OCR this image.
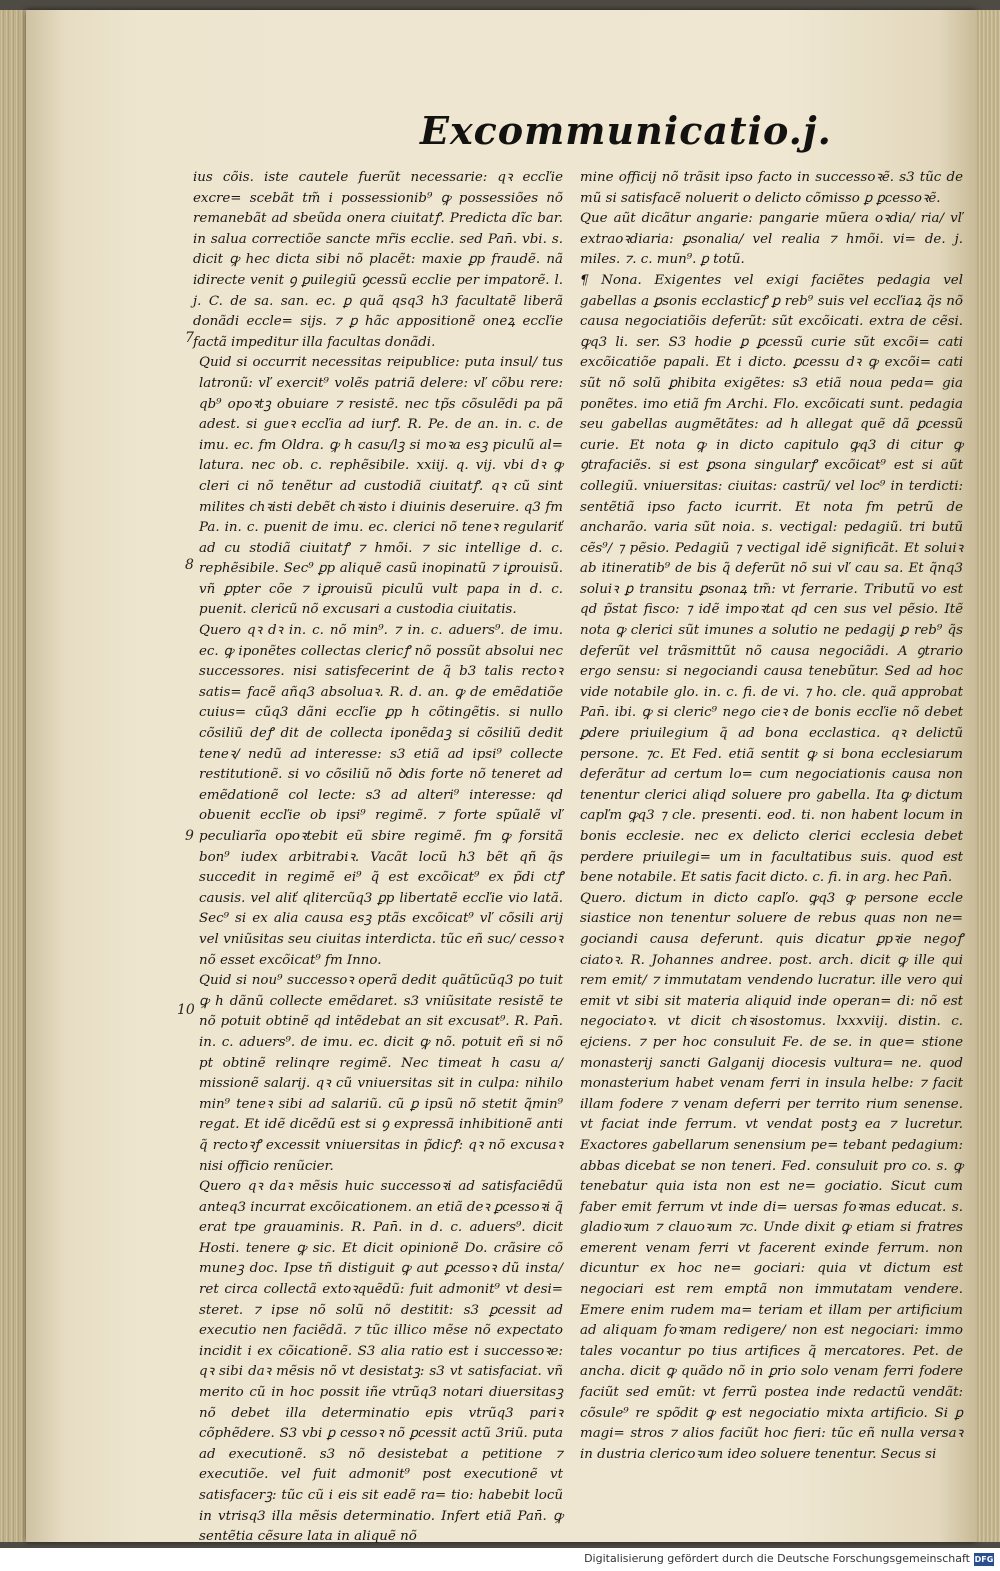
Excommunicatio.j.
7
8
9
10

ius cõis. iste cautele fuerũt necessarie: qꝛ eccľie excre= scebãt tm̃ i possessionib⁹ ꝙ possessiões nõ remanebãt ad sbeũda onera ciuitatꝭ. Predicta dĩc bar. in salua correctiõe sancte mr̃is ecclie. sed Pan̄. vbi. s. dicit ꝙ hec dicta sibi nõ placẽt: maxie ꝑp fraudẽ. nã idirecte venit ꝯ ꝑuilegiũ ꝯcessũ ecclie per impatorẽ. l. j. C. de sa. san. ec. ꝑ quã qsq3 h3 facultatẽ liberã donãdi eccle= sijs. ⁊ ꝑ hãc appositionẽ oneꝝ eccľie factã impeditur illa facultas donãdi.

Quid si occurrit necessitas reipublice: puta insul/ tus latronũ: vľ exercit⁹ volẽs patriã delere: vľ cõbu rere: qb⁹ opoꝛtꝫ obuiare ⁊ resistẽ. nec tp̃s cõsulẽdi pa pã adest. si gueꝛ eccľia ad iurꝭ. R. Pe. de an. in. c. de imu. ec. fm Oldra. ꝙ h casu/lꝫ si moꝛa esꝫ piculũ al= latura. nec ob. c. rephẽsibile. xxiij. q. vij. vbi dꝛ ꝙ cleri ci nõ tenẽtur ad custodiã ciuitatꝭ. qꝛ cũ sint milites chꝛisti debẽt chꝛisto i diuinis deseruire. q3 fm Pa. in. c. puenit de imu. ec. clerici nõ teneꝛ regulariť ad cu stodiã ciuitatꝭ ⁊ hmõi. ⁊ sic intellige d. c. rephẽsibile. Sec⁹ ꝑp aliquẽ casũ inopinatũ ⁊ iꝑrouisũ. vñ ꝑpter cõe ⁊ iꝑrouisũ piculũ vult papa in d. c. puenit. clericũ nõ excusari a custodia ciuitatis.

Quero qꝛ dꝛ in. c. nõ min⁹. ⁊ in. c. aduers⁹. de imu. ec. ꝙ iponẽtes collectas clericꝭ nõ possũt absolui nec successores. nisi satisfecerint de q̃ b3 talis rectoꝛ satis= facẽ añq3 absoluaꝛ. R. d. an. ꝙ de emẽdatiõe cuius= cũq3 dãni eccľie ꝑp h cõtingẽtis. si nullo cõsiliũ deꝭ dit de collecta iponẽdaꝫ si cõsiliũ dedit teneꝛ/ nedũ ad interesse: s3 etiã ad ipsi⁹ collecte restitutionẽ. si vo cõsiliũ nõ ꝺdis forte nõ teneret ad emẽdationẽ col lecte: s3 ad alteri⁹ interesse: qd obuenit eccľie ob ipsi⁹ regimẽ. ⁊ forte spũalẽ vľ peculiarĩa opoꝛtebit eũ sbire regimẽ. fm ꝙ forsitã bon⁹ iudex arbitrabiꝛ. Vacãt locũ h3 bẽt qñ q̃s succedit in regimẽ ei⁹ q̃ est excõicat⁹ ex p̃di ctꝭ causis. vel aliť qlitercũq3 ꝑp libertatẽ eccľie vio latã. Sec⁹ si ex alia causa esꝫ ptãs excõicat⁹ vľ cõsili arij vel vniũsitas seu ciuitas interdicta. tũc eñ suc/ cessoꝛ nõ esset excõicat⁹ fm Inno.

Quid si nou⁹ successoꝛ operã dedit quãtũcũq3 po tuit ꝙ h dãnũ collecte emẽdaret. s3 vniũsitate resistẽ te nõ potuit obtinẽ qd intẽdebat an sit excusat⁹. R. Pan̄. in. c. aduers⁹. de imu. ec. dicit ꝙ nõ. potuit eñ si nõ pt obtinẽ relinqre regimẽ. Nec timeat h casu a/ missionẽ salarij. qꝛ cũ vniuersitas sit in culpa: nihilo min⁹ teneꝛ sibi ad salariũ. cũ ꝑ ipsũ nõ stetit q̃min⁹ regat. Et idẽ dicẽdũ est si ꝯ expressã inhibitionẽ anti q̃ rectoꝛꝭ excessit vniuersitas in p̃dicꝭ: qꝛ nõ excusaꝛ nisi officio renũcier.

Quero qꝛ daꝛ mẽsis huic successoꝛi ad satisfaciẽdũ anteq3 incurrat excõicationem. an etiã deꝛ ꝑcessoꝛi q̃ erat tpe grauaminis. R. Pan̄. in d. c. aduers⁹. dicit Hosti. tenere ꝙ sic. Et dicit opinionẽ Do. crãsire cõ muneꝫ doc. Ipse tñ distiguit ꝙ aut ꝑcessoꝛ dũ insta/ ret circa collectã extoꝛquẽdũ: fuit admonit⁹ vt desi= steret. ⁊ ipse nõ solũ nõ destitit: s3 ꝑcessit ad executio nen faciẽdã. ⁊ tũc illico mẽse nõ expectato incidit i ex cõicationẽ. S3 alia ratio est i successoꝛe: qꝛ sibi daꝛ mẽsis nõ vt desistatꝫ: s3 vt satisfaciat. vñ merito cũ in hoc possit iñe vtrũq3 notari diuersitasꝫ nõ debet illa determinatio epis vtrũq3 pariꝛ cõphẽdere. S3 vbi ꝑ cessoꝛ nõ ꝑcessit actũ 3riũ. puta ad executionẽ. s3 nõ desistebat a petitione ⁊ executiõe. vel fuit admonit⁹ post executionẽ vt satisfacerꝫ: tũc cũ i eis sit eadẽ ra= tio: habebit locũ in vtrisq3 illa mẽsis determinatio. Infert etiã Pan̄. ꝙ sentẽtia cẽsure lata in aliquẽ nõ

mine officij nõ trãsit ipso facto in successoꝛẽ. s3 tũc de mũ si satisfacẽ noluerit o delicto cõmisso ꝑ ꝑcessoꝛẽ.

Que aũt dicãtur angarie: pangarie mũera oꝛdia/ ria/ vľ extraoꝛdiaria: ꝑsonalia/ vel realia ⁊ hmõi. vi= de. j. miles. ⁊. c. mun⁹. ꝑ totũ.

¶ Nona. Exigentes vel exigi faciẽtes pedagia vel gabellas a ꝑsonis ecclasticꝭ ꝑ reb⁹ suis vel eccľiaꝝ q̃s nõ causa negociatiõis deferũt: sũt excõicati. extra de cẽsi. ꝙq3 li. ser. S3 hodie ꝑ ꝑcessũ curie sũt excõi= cati excõicatiõe papali. Et i dicto. ꝑcessu dꝛ ꝙ excõi= cati sũt nõ solũ ꝑhibita exigẽtes: s3 etiã noua peda= gia ponẽtes. imo etiã fm Archi. Flo. excõicati sunt. pedagia seu gabellas augmẽtãtes: ad h allegat quẽ dã ꝑcessũ curie. Et nota ꝙ in dicto capitulo ꝙq3 di citur ꝙ ꝯtrafaciẽs. si est ꝑsona singularꝭ excõicat⁹ est si aũt collegiũ. vniuersitas: ciuitas: castrũ/ vel loc⁹ in terdicti: sentẽtiã ipso facto icurrit. Et nota fm petrũ de ancharão. varia sũt noia. s. vectigal: pedagiũ. tri butũ cẽs⁹/ ⁊ pẽsio. Pedagiũ ⁊ vectigal idẽ significãt. Et soluiꝛ ab itineratib⁹ de bis q̃ deferũt nõ sui vľ cau sa. Et q̃nq3 soluiꝛ ꝑ transitu ꝑsonaꝝ tm̃: vt ferrarie. Tributũ vo est qd p̃stat fisco: ⁊ idẽ impoꝛtat qd cen sus vel pẽsio. Itẽ nota ꝙ clerici sũt imunes a solutio ne pedagij ꝑ reb⁹ q̃s deferũt vel trãsmittũt nõ causa negociãdi. A ꝯtrario ergo sensu: si negociandi causa tenebũtur. Sed ad hoc vide notabile glo. in. c. fi. de vi. ⁊ ho. cle. quã approbat Pan̄. ibi. ꝙ si cleric⁹ nego cieꝛ de bonis eccľie nõ debet ꝑdere priuilegium q̃ ad bona ecclastica. qꝛ delictũ persone. ⁊c. Et Fed. etiã sentit ꝙ si bona ecclesiarum deferãtur ad certum lo= cum negociationis causa non tenentur clerici aliqd soluere pro gabella. Ita ꝙ dictum capľm ꝙq3 ⁊ cle. presenti. eod. ti. non habent locum in bonis ecclesie. nec ex delicto clerici ecclesia debet perdere priuilegi= um in facultatibus suis. quod est bene notabile. Et satis facit dicto. c. fi. in arg. hec Pan̄.

Quero. dictum in dicto capľo. ꝙq3 ꝙ persone eccle siastice non tenentur soluere de rebus quas non ne= gociandi causa deferunt. quis dicatur ꝑpꝛie negoꝭ ciatoꝛ. R. Johannes andree. post. arch. dicit ꝙ ille qui rem emit/ ⁊ immutatam vendendo lucratur. ille vero qui emit vt sibi sit materia aliquid inde operan= di: nõ est negociatoꝛ. vt dicit chꝛisostomus. lxxxviij. distin. c. ejciens. ⁊ per hoc consuluit Fe. de se. in que= stione monasterij sancti Galganij diocesis vultura= ne. quod monasterium habet venam ferri in insula helbe: ⁊ facit illam fodere ⁊ venam deferri per territo rium senense. vt faciat inde ferrum. vt vendat postꝫ ea ⁊ lucretur. Exactores gabellarum senensium pe= tebant pedagium: abbas dicebat se non teneri. Fed. consuluit pro co. s. ꝙ tenebatur quia ista non est ne= gociatio. Sicut cum faber emit ferrum vt inde di= uersas foꝛmas educat. s. gladioꝛum ⁊ clauoꝛum ⁊c. Unde dixit ꝙ etiam si fratres emerent venam ferri vt facerent exinde ferrum. non dicuntur ex hoc ne= gociari: quia vt dictum est negociari est rem emptã non immutatam vendere. Emere enim rudem ma= teriam et illam per artificium ad aliquam foꝛmam redigere/ non est negociari: immo tales vocantur po tius artifices q̃ mercatores. Pet. de ancha. dicit ꝙ quãdo nõ in ꝑrio solo venam ferri fodere faciũt sed emũt: vt ferrũ postea inde redactũ vendãt: cõsule⁹ re spõdit ꝙ est negociatio mixta artificio. Si ꝑ magi= stros ⁊ alios faciũt hoc fieri: tũc eñ nulla versaꝛ in dustria clericoꝛum ideo soluere tenentur. Secus si

Digitalisierung gefördert durch die Deutsche Forschungsgemeinschaft DFG
